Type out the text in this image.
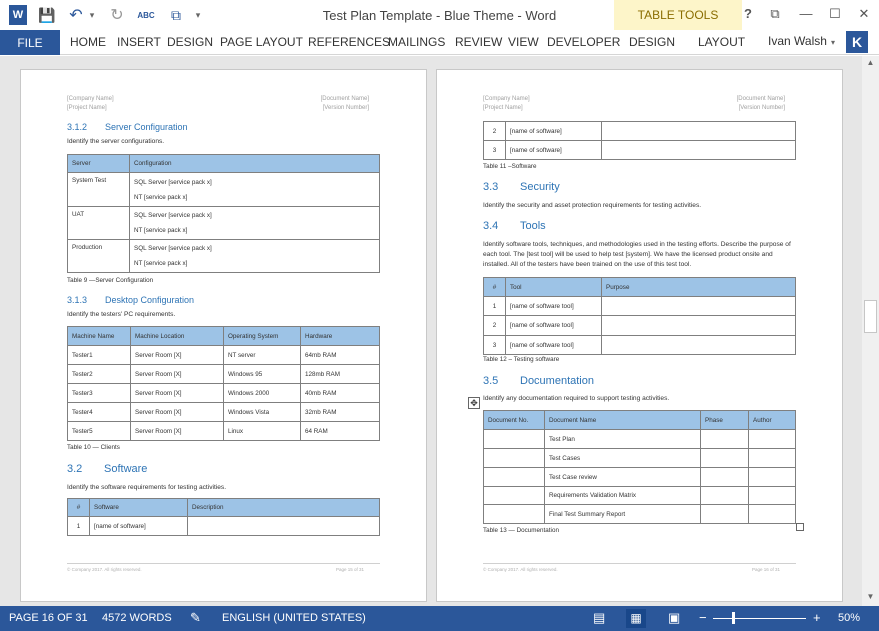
W 💾 ↶ ▾ ↻	ABC	⧉	▾	Test Plan Template - Blue Theme - Word	TABLE TOOLS	?	⧉	—	☐	✕
FILE	HOME INSERT DESIGN PAGE LAYOUT REFERENCES
MAILINGS REVIEW VIEW DEVELOPER DESIGN LAYOUT Ivan Walsh ▾	K
[Company Name]
[Project Name]
[Document Name]
[Version Number]
3.1.2 Server Configuration
Identify the server configurations.
Server	Configuration
System Test	SQL Server [service pack x]
NT [service pack x]

UAT	SQL Server [service pack x]
NT [service pack x]

Production	SQL Server [service pack x]
NT [service pack x]
Table 9 —Server Configuration
3.1.3 Desktop Configuration
Identify the testers' PC requirements.
Machine Name	Machine Location	Operating System	Hardware
Tester1	Server Room [X]	NT server	64mb RAM
Tester2	Server Room [X]	Windows 95	128mb RAM
Tester3	Server Room [X]	Windows 2000	40mb RAM
Tester4	Server Room [X]	Windows Vista	32mb RAM
Tester5	Server Room [X]	Linux	64 RAM
Table 10 — Clients
3.2 Software
Identify the software requirements for testing activities.
#	Software	Description
1	[name of software]	
© Company 2017. All rights reserved.	Page 15 of 31
[Company Name]
[Project Name]
[Document Name]
[Version Number]
2	[name of software]	
3	[name of software]	
Table 11 –Software
3.3 Security
Identify the security and asset protection requirements for testing activities.
3.4 Tools
Identify software tools, techniques, and methodologies used in the testing efforts. Describe the purpose of each tool. The [test tool] will be used to help test [system]. We have the licensed product onsite and installed. All of the testers have been trained on the use of this test tool.
#	Tool	Purpose
1	[name of software tool]	
2	[name of software tool]	
3	[name of software tool]	
Table 12 – Testing software
3.5 Documentation
Identify any documentation required to support testing activities.
Document No.	Document Name	Phase	Author
	Test Plan		
	Test Cases		
	Test Case review		
	Requirements Validation Matrix		
	Final Test Summary Report		
Table 13 — Documentation
© Company 2017. All rights reserved.	Page 16 of 31
✥
▲
▼
PAGE 16 OF 31 4572 WORDS ✎ ENGLISH (UNITED STATES)	▤	▦	▣ −	+ 50%
